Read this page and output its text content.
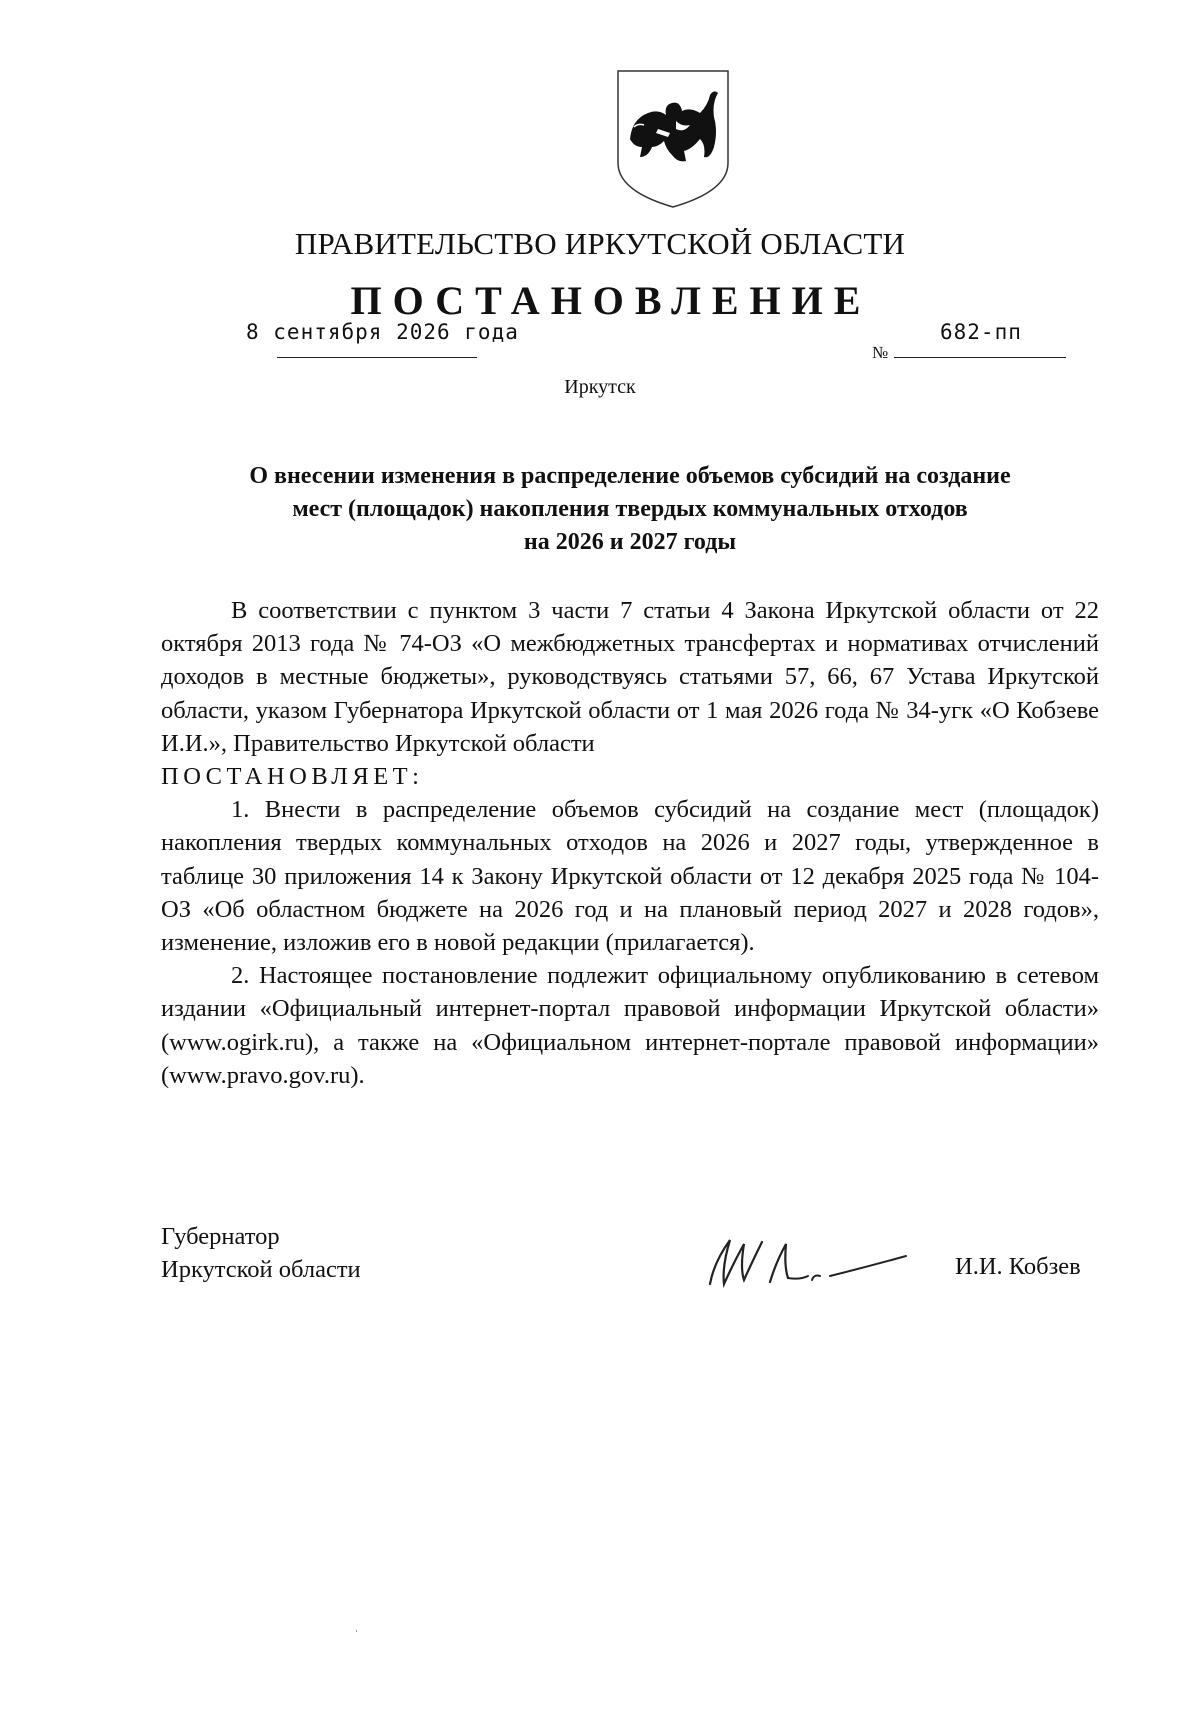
ПРАВИТЕЛЬСТВО ИРКУТСКОЙ ОБЛАСТИ
ПОСТАНОВЛЕНИЕ
8 сентября 2026 года
№
682-пп
Иркутск
О внесении изменения в распределение объемов субсидий на создание
мест (площадок) накопления твердых коммунальных отходов
на 2026 и 2027 годы

В соответствии с пунктом 3 части 7 статьи 4 Закона Иркутской области от 22 октября 2013 года № 74-ОЗ «О межбюджетных трансфертах и нормативах отчислений доходов в местные бюджеты», руководствуясь статьями 57, 66, 67 Устава Иркутской области, указом Губернатора Иркутской области от 1 мая 2026 года № 34-угк «О Кобзеве И.И.», Правительство Иркутской области

ПОСТАНОВЛЯЕТ:

1. Внести в распределение объемов субсидий на создание мест (площадок) накопления твердых коммунальных отходов на 2026 и 2027 годы, утвержденное в таблице 30 приложения 14 к Закону Иркутской области от 12 декабря 2025 года № 104-ОЗ «Об областном бюджете на 2026 год и на плановый период 2027 и 2028 годов», изменение, изложив его в новой редакции (прилагается).

2. Настоящее постановление подлежит официальному опубликованию в сетевом издании «Официальный интернет-портал правовой информации Иркутской области» (www.ogirk.ru), а также на «Официальном интернет-портале правовой информации» (www.pravo.gov.ru).

Губернатор
Иркутской области	И.И. Кобзев
